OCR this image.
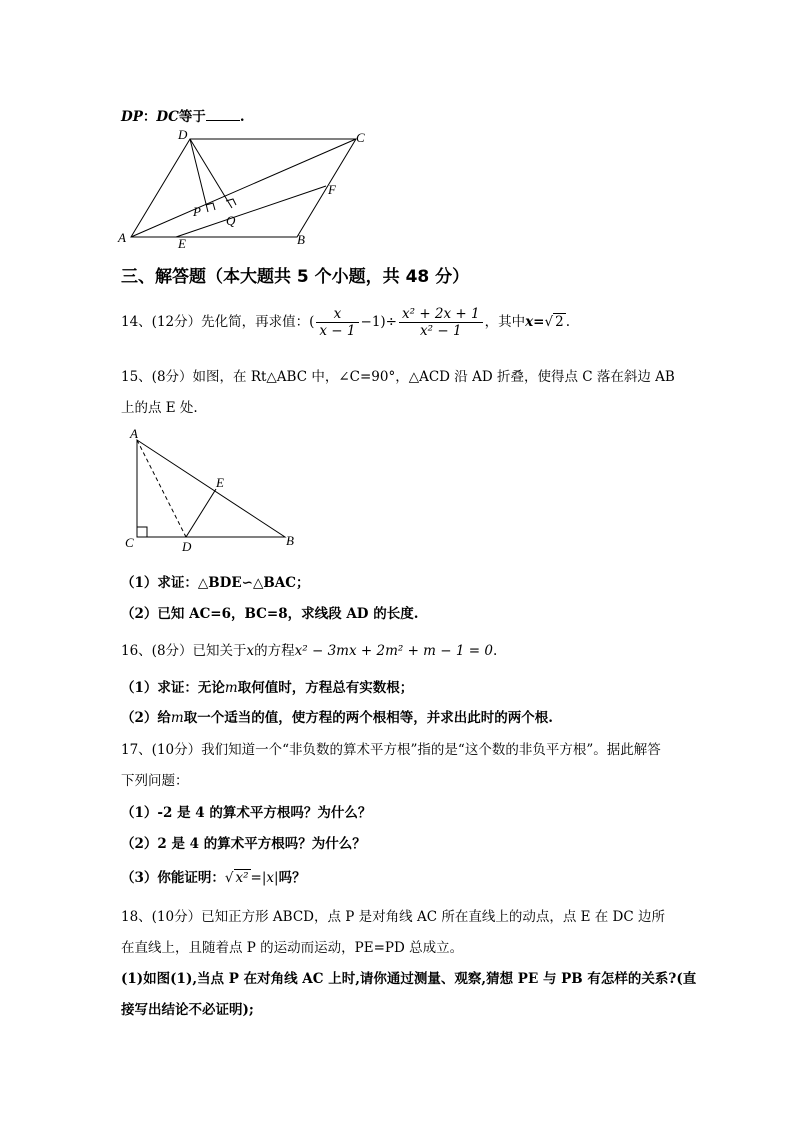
DP：DC等于	.
A	B
C
D
E
F
P
Q
三、解答题（本大题共 5 个小题，共 48 分）
14、(12分）先化简，再求值：( $\frac{x}{x - 1} -1)\div \frac{\text{x² + 2x + 1}}{\text{x² − 1}}$ ，其中x=√ 2 .
15、(8分）如图，在 Rt△ABC 中，∠C=90°，△ACD 沿 AD 折叠，使得点 C 落在斜边 AB
上的点 E 处.
A
B
C	D
E
（1）求证：△BDE∽△BAC；
（2）已知 AC=6，BC=8，求线段 AD 的长度.
16、(8分）已知关于x的方程x² − 3mx + 2m² + m − 1 = 0.
（1）求证：无论m取何值时，方程总有实数根；
（2）给m取一个适当的值，使方程的两个根相等，并求出此时的两个根.
17、(10分）我们知道一个“非负数的算术平方根”指的是“这个数的非负平方根”。据此解答
下列问题：
（1）-2 是 4 的算术平方根吗？为什么？
（2）2 是 4 的算术平方根吗？为什么？
（3）你能证明：√ x² =|x|吗？
18、(10分）已知正方形 ABCD，点 P 是对角线 AC 所在直线上的动点，点 E 在 DC 边所
在直线上，且随着点 P 的运动而运动，PE=PD 总成立。
(1)如图(1),当点 P 在对角线 AC 上时,请你通过测量、观察,猜想 PE 与 PB 有怎样的关系?(直
接写出结论不必证明);
